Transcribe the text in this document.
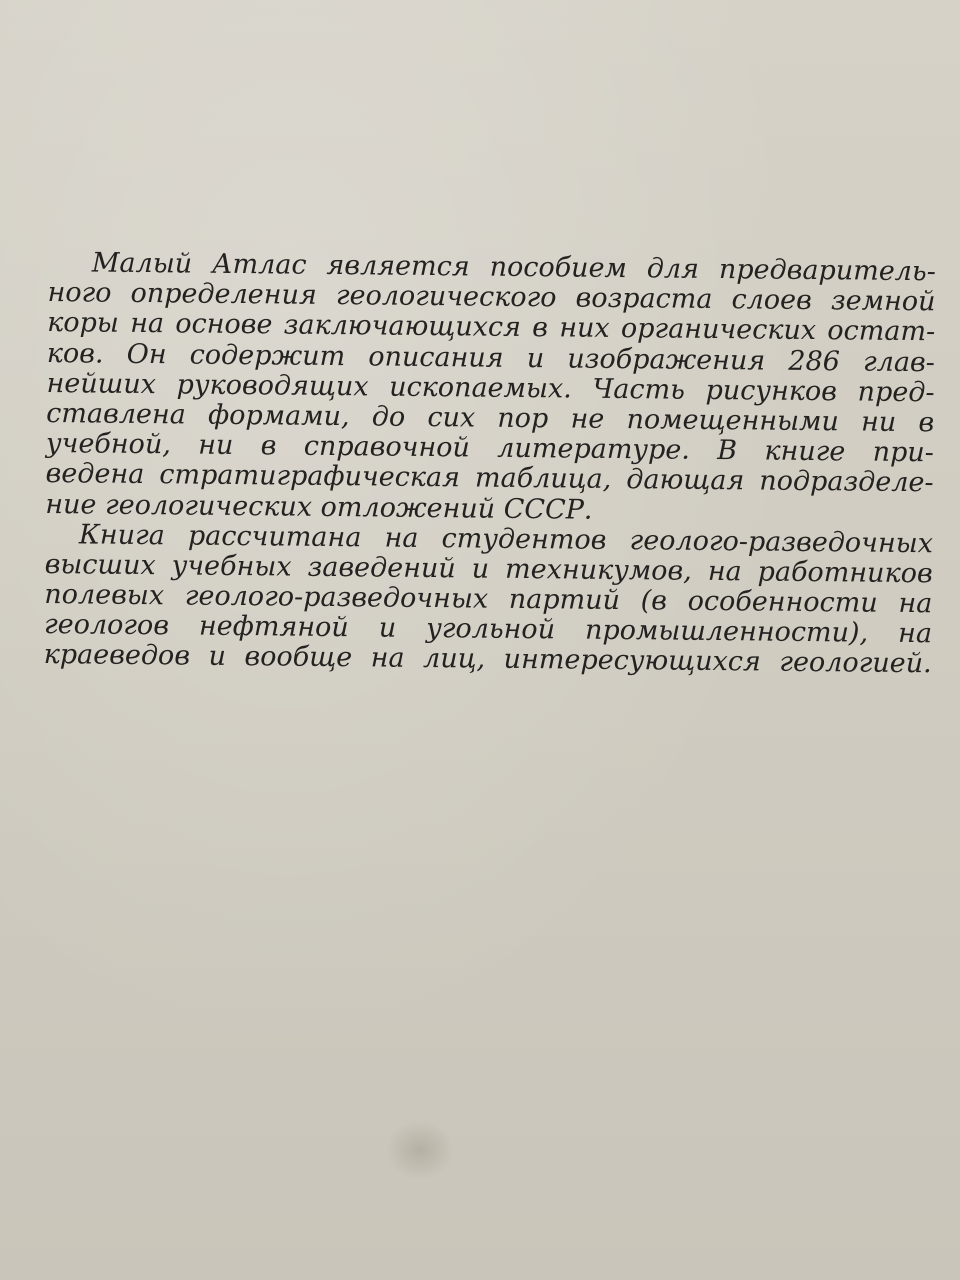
Малый Атлас является пособием для предваритель-
ного определения геологического возраста слоев земной
коры на основе заключающихся в них органических остат-
ков. Он содержит описания и изображения 286 глав-
нейших руководящих ископаемых. Часть рисунков пред-
ставлена формами, до сих пор не помещенными ни в
учебной, ни в справочной литературе. В книге при-
ведена стратиграфическая таблица, дающая подразделе-
ние геологических отложений СССР.
Книга рассчитана на студентов геолого-разведочных
высших учебных заведений и техникумов, на работников
полевых геолого-разведочных партий (в особенности на
геологов нефтяной и угольной промышленности), на
краеведов и вообще на лиц, интересующихся геологией.
